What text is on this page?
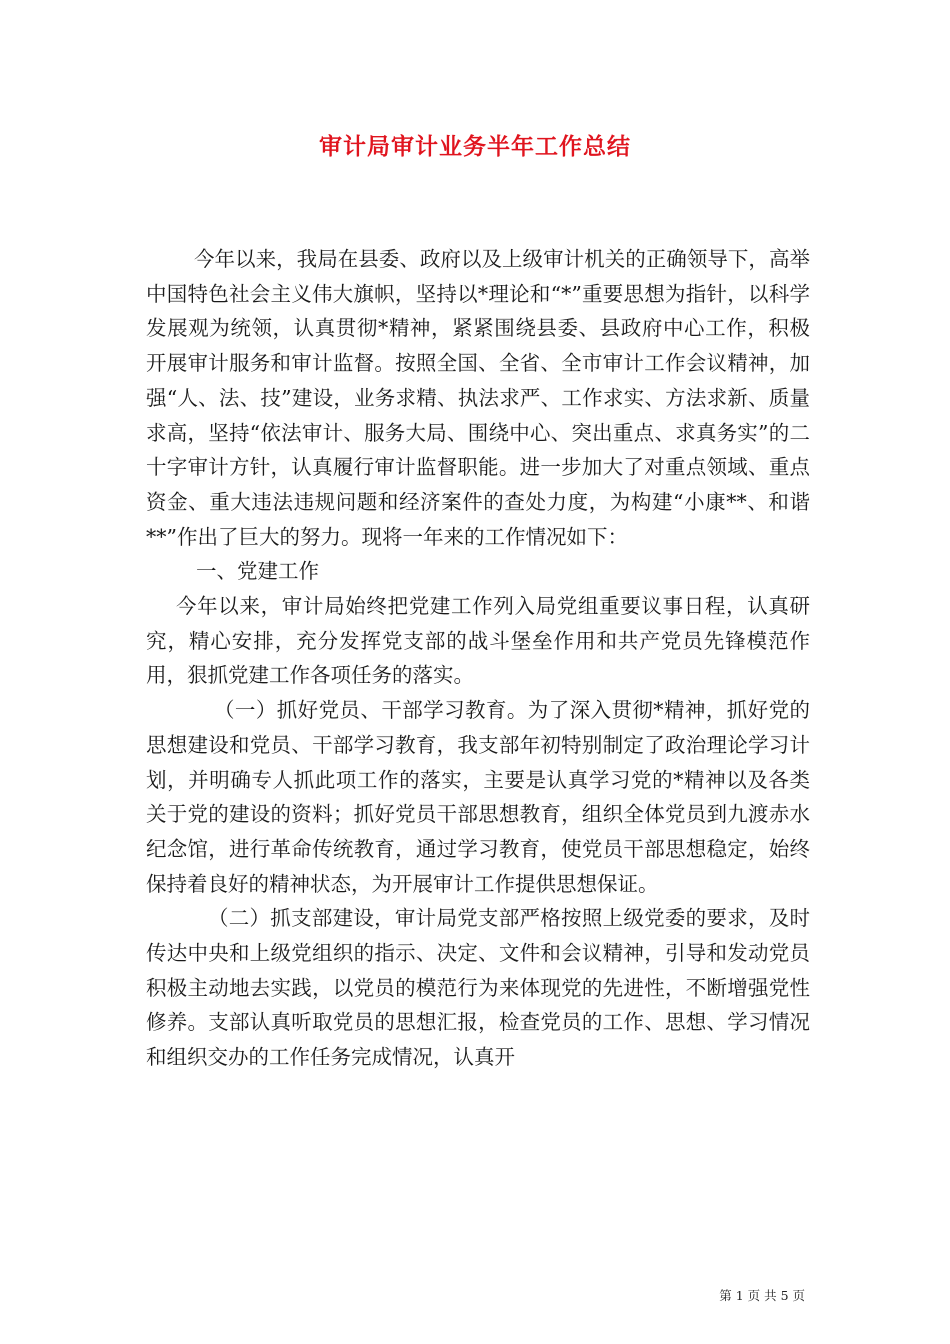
审计局审计业务半年工作总结

今年以来，我局在县委、政府以及上级审计机关的正确领导下，高举中国特色社会主义伟大旗帜，坚持以*理论和“*”重要思想为指针，以科学发展观为统领，认真贯彻*精神，紧紧围绕县委、县政府中心工作，积极开展审计服务和审计监督。按照全国、全省、全市审计工作会议精神，加强“人、法、技”建设，业务求精、执法求严、工作求实、方法求新、质量求高，坚持“依法审计、服务大局、围绕中心、突出重点、求真务实”的二十字审计方针，认真履行审计监督职能。进一步加大了对重点领域、重点资金、重大违法违规问题和经济案件的查处力度，为构建“小康**、和谐**”作出了巨大的努力。现将一年来的工作情况如下：

一、党建工作

今年以来，审计局始终把党建工作列入局党组重要议事日程，认真研究，精心安排，充分发挥党支部的战斗堡垒作用和共产党员先锋模范作用，狠抓党建工作各项任务的落实。

（一）抓好党员、干部学习教育。为了深入贯彻*精神，抓好党的思想建设和党员、干部学习教育，我支部年初特别制定了政治理论学习计划，并明确专人抓此项工作的落实，主要是认真学习党的*精神以及各类关于党的建设的资料；抓好党员干部思想教育，组织全体党员到九渡赤水纪念馆，进行革命传统教育，通过学习教育，使党员干部思想稳定，始终保持着良好的精神状态，为开展审计工作提供思想保证。

（二）抓支部建设，审计局党支部严格按照上级党委的要求，及时传达中央和上级党组织的指示、决定、文件和会议精神，引导和发动党员积极主动地去实践，以党员的模范行为来体现党的先进性，不断增强党性修养。支部认真听取党员的思想汇报，检查党员的工作、思想、学习情况和组织交办的工作任务完成情况，认真开

第 1 页 共 5 页
